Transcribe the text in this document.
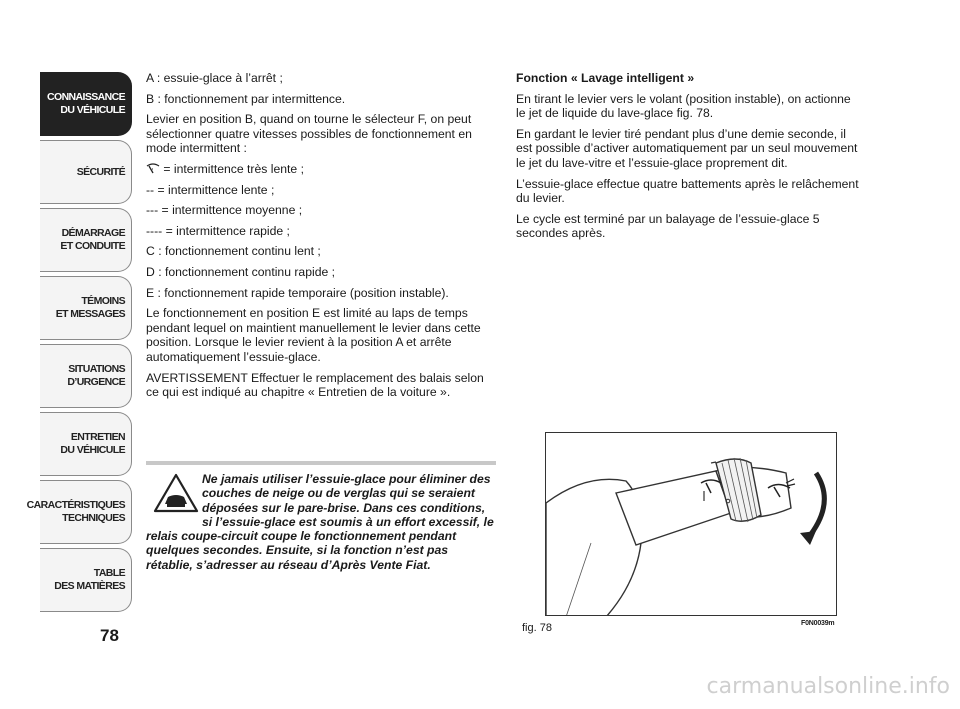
CONNAISSANCE
DU VÉHICULE
SÉCURITÉ
DÉMARRAGE
ET CONDUITE
TÉMOINS
ET MESSAGES
SITUATIONS
D’URGENCE
ENTRETIEN
DU VÉHICULE
CARACTÉRISTIQUES
TECHNIQUES
TABLE
DES MATIÈRES
78

A : essuie-glace à l’arrêt ;

B : fonctionnement par intermittence.

Levier en position B, quand on tourne le sélecteur F, on peut sélectionner quatre vitesses possibles de fonctionnement en mode intermittent :

= intermittence très lente ;

-- = intermittence lente ;

--- = intermittence moyenne ;

---- = intermittence rapide ;

C : fonctionnement continu lent ;

D : fonctionnement continu rapide ;

E : fonctionnement rapide temporaire (position instable).

Le fonctionnement en position E est limité au laps de temps pendant lequel on maintient manuellement le levier dans cette position. Lorsque le levier revient à la position A et arrête automatiquement l’essuie-glace.

AVERTISSEMENT Effectuer le remplacement des balais selon ce qui est indiqué au chapitre « Entretien de la voiture ».

Ne jamais utiliser l’essuie-glace pour éliminer des couches de neige ou de verglas qui se seraient déposées sur le pare-brise. Dans ces conditions, si l’essuie-glace est soumis à un effort excessif, le relais coupe-circuit coupe le fonctionnement pendant quelques secondes. Ensuite, si la fonction n’est pas rétablie, s’adresser au réseau d’Après Vente Fiat.

Fonction « Lavage intelligent »

En tirant le levier vers le volant (position instable), on actionne le jet de liquide du lave-glace fig. 78.

En gardant le levier tiré pendant plus d’une demie seconde, il est possible d’activer automatiquement par un seul mouvement le jet du lave-vitre et l’essuie-glace proprement dit.

L’essuie-glace effectue quatre battements après le relâchement du levier.

Le cycle est terminé par un balayage de l’essuie-glace 5 secondes après.

fig. 78	F0N0039m
carmanualsonline.info
